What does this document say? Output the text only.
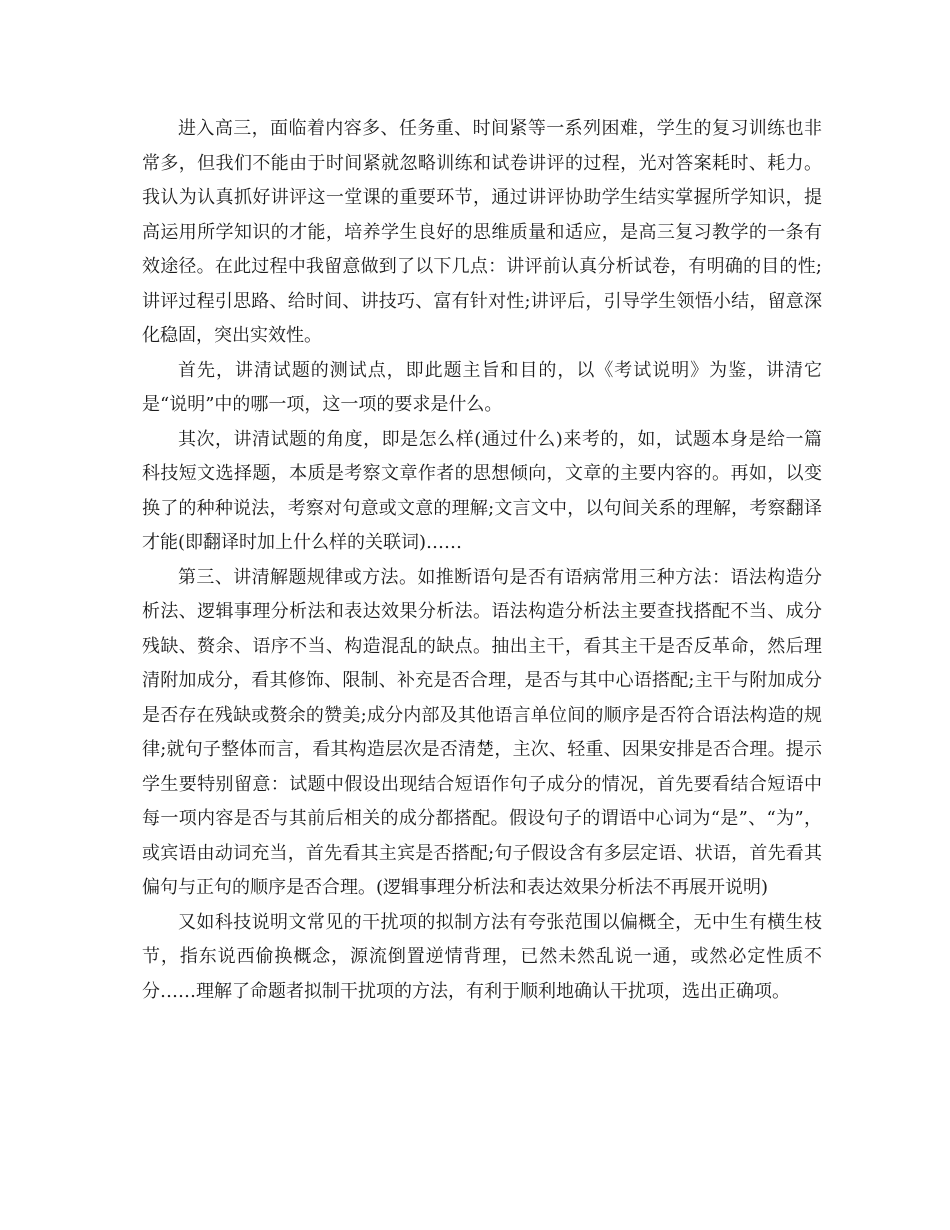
进入高三，面临着内容多、任务重、时间紧等一系列困难，学生的复习训练也非常多，但我们不能由于时间紧就忽略训练和试卷讲评的过程，光对答案耗时、耗力。我认为认真抓好讲评这一堂课的重要环节，通过讲评协助学生结实掌握所学知识，提高运用所学知识的才能，培养学生良好的思维质量和适应，是高三复习教学的一条有效途径。在此过程中我留意做到了以下几点：讲评前认真分析试卷，有明确的目的性;讲评过程引思路、给时间、讲技巧、富有针对性;讲评后，引导学生领悟小结，留意深化稳固，突出实效性。

首先，讲清试题的测试点，即此题主旨和目的，以《考试说明》为鉴，讲清它是“说明”中的哪一项，这一项的要求是什么。

其次，讲清试题的角度，即是怎么样(通过什么)来考的，如，试题本身是给一篇科技短文选择题，本质是考察文章作者的思想倾向，文章的主要内容的。再如，以变换了的种种说法，考察对句意或文意的理解;文言文中，以句间关系的理解，考察翻译才能(即翻译时加上什么样的关联词)……

第三、讲清解题规律或方法。如推断语句是否有语病常用三种方法：语法构造分析法、逻辑事理分析法和表达效果分析法。语法构造分析法主要查找搭配不当、成分残缺、赘余、语序不当、构造混乱的缺点。抽出主干，看其主干是否反革命，然后理清附加成分，看其修饰、限制、补充是否合理，是否与其中心语搭配;主干与附加成分是否存在残缺或赘余的赞美;成分内部及其他语言单位间的顺序是否符合语法构造的规律;就句子整体而言，看其构造层次是否清楚，主次、轻重、因果安排是否合理。提示学生要特别留意：试题中假设出现结合短语作句子成分的情况，首先要看结合短语中每一项内容是否与其前后相关的成分都搭配。假设句子的谓语中心词为“是”、“为”，或宾语由动词充当，首先看其主宾是否搭配;句子假设含有多层定语、状语，首先看其偏句与正句的顺序是否合理。(逻辑事理分析法和表达效果分析法不再展开说明)

又如科技说明文常见的干扰项的拟制方法有夸张范围以偏概全，无中生有横生枝节，指东说西偷换概念，源流倒置逆情背理，已然未然乱说一通，或然必定性质不分……理解了命题者拟制干扰项的方法，有利于顺利地确认干扰项，选出正确项。
